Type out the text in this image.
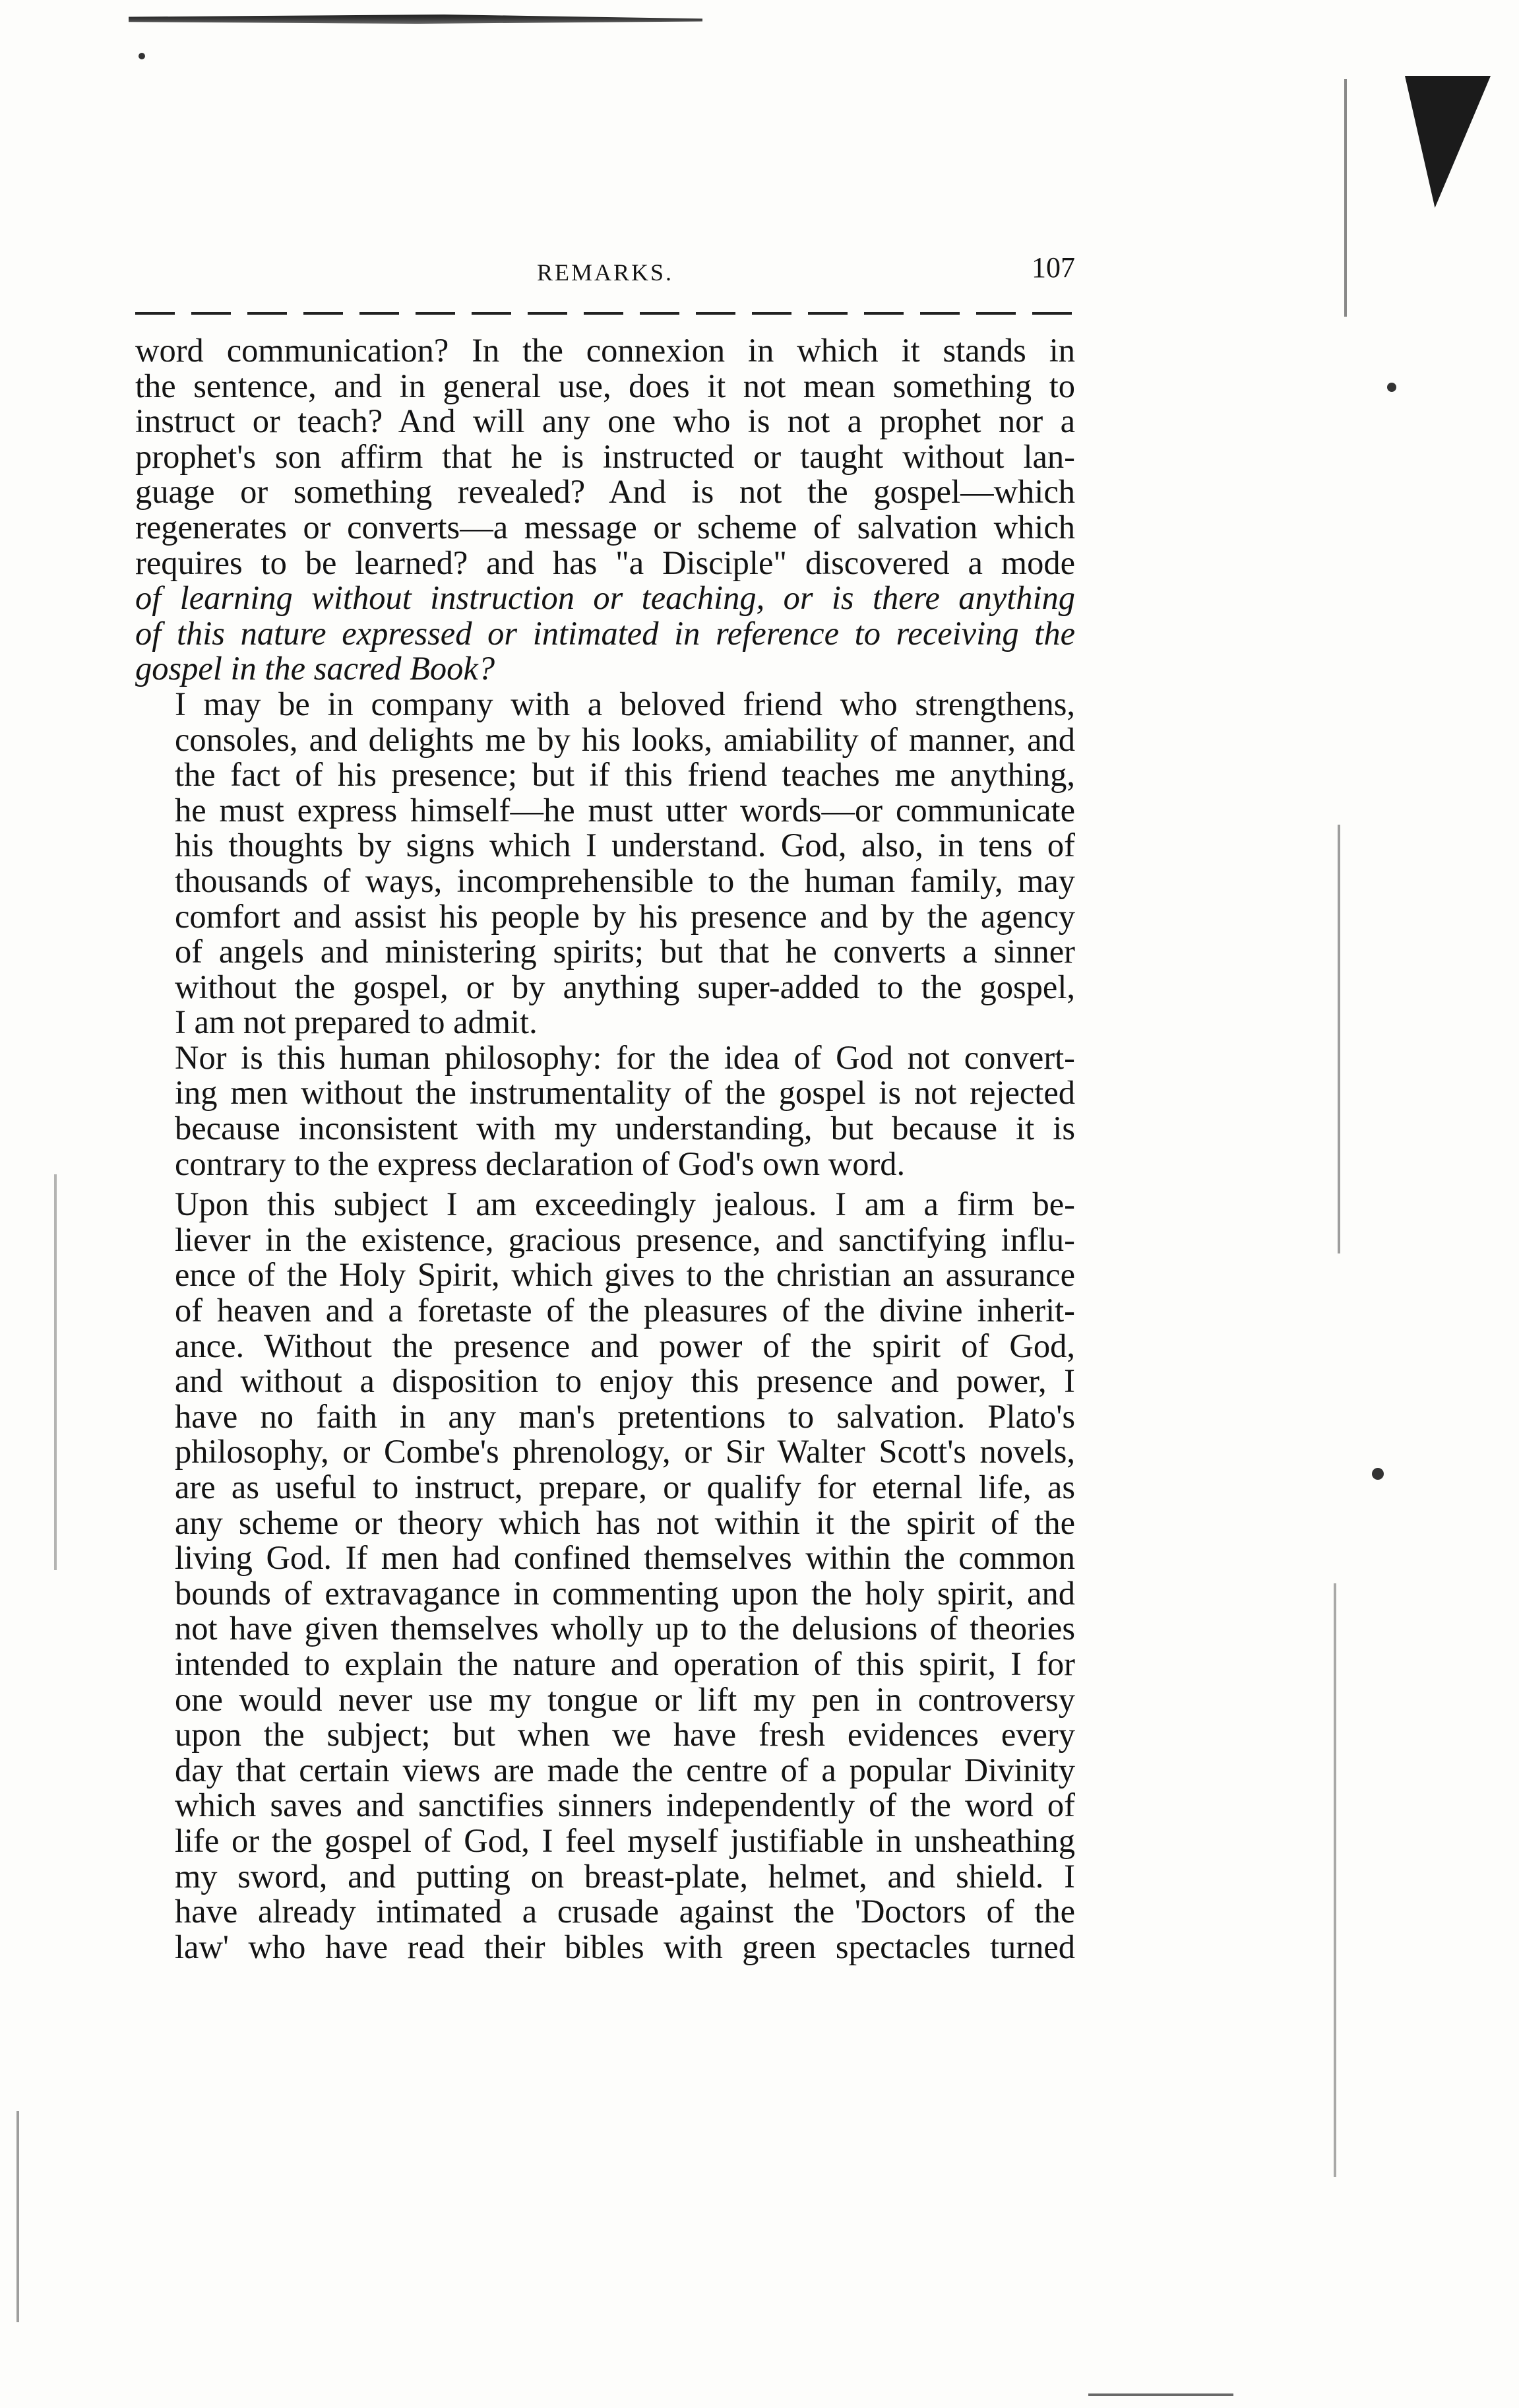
REMARKS.	107

word communication? In the connexion in which it stands in
the sentence, and in general use, does it not mean something to
instruct or teach? And will any one who is not a prophet nor a
prophet's son affirm that he is instructed or taught without lan-
guage or something revealed? And is not the gospel—which
regenerates or converts—a message or scheme of salvation which
requires to be learned? and has "a Disciple" discovered a mode
of learning without instruction or teaching, or is there anything
of this nature expressed or intimated in reference to receiving the
gospel in the sacred Book?

I may be in company with a beloved friend who strengthens,
consoles, and delights me by his looks, amiability of manner, and
the fact of his presence; but if this friend teaches me anything,
he must express himself—he must utter words—or communicate
his thoughts by signs which I understand. God, also, in tens of
thousands of ways, incomprehensible to the human family, may
comfort and assist his people by his presence and by the agency
of angels and ministering spirits; but that he converts a sinner
without the gospel, or by anything super-added to the gospel,
I am not prepared to admit.

Nor is this human philosophy: for the idea of God not convert-
ing men without the instrumentality of the gospel is not rejected
because inconsistent with my understanding, but because it is
contrary to the express declaration of God's own word.

Upon this subject I am exceedingly jealous. I am a firm be-
liever in the existence, gracious presence, and sanctifying influ-
ence of the Holy Spirit, which gives to the christian an assurance
of heaven and a foretaste of the pleasures of the divine inherit-
ance. Without the presence and power of the spirit of God,
and without a disposition to enjoy this presence and power, I
have no faith in any man's pretentions to salvation. Plato's
philosophy, or Combe's phrenology, or Sir Walter Scott's novels,
are as useful to instruct, prepare, or qualify for eternal life, as
any scheme or theory which has not within it the spirit of the
living God. If men had confined themselves within the common
bounds of extravagance in commenting upon the holy spirit, and
not have given themselves wholly up to the delusions of theories
intended to explain the nature and operation of this spirit, I for
one would never use my tongue or lift my pen in controversy
upon the subject; but when we have fresh evidences every
day that certain views are made the centre of a popular Divinity
which saves and sanctifies sinners independently of the word of
life or the gospel of God, I feel myself justifiable in unsheathing
my sword, and putting on breast-plate, helmet, and shield. I
have already intimated a crusade against the 'Doctors of the
law' who have read their bibles with green spectacles turned
